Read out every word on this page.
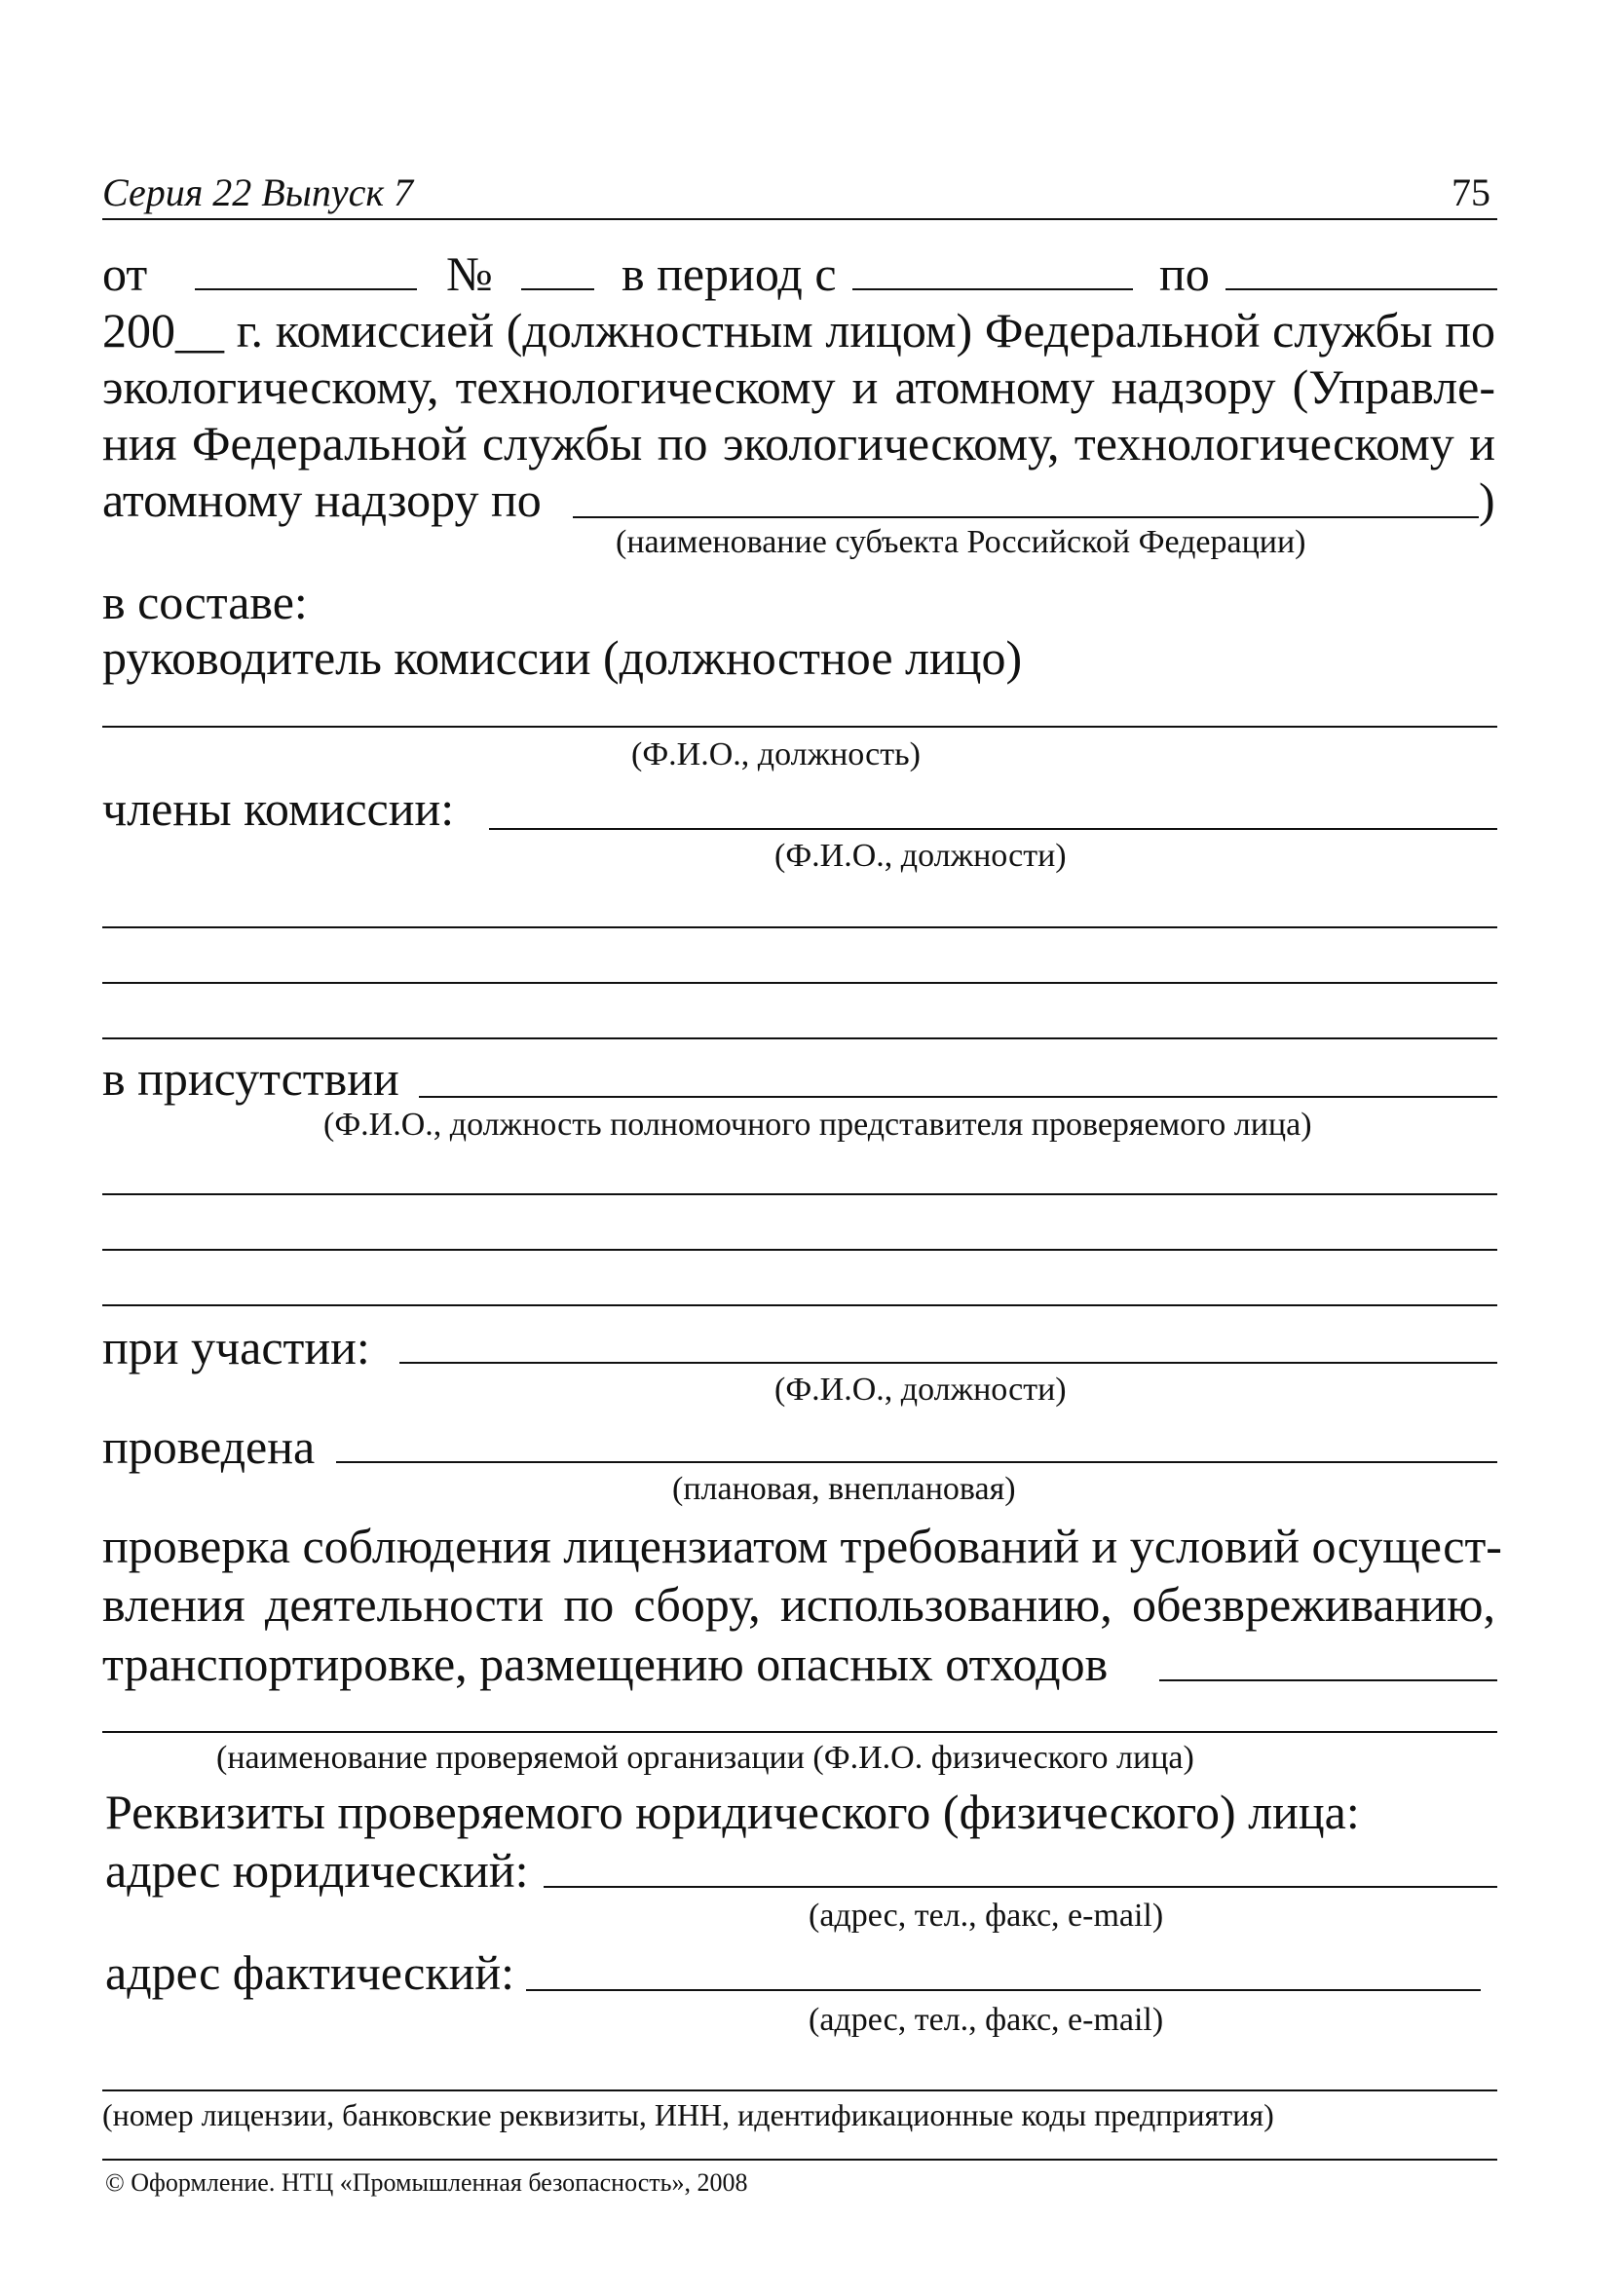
Серия 22 Выпуск 7	75
от	№	в период с	по
200__ г. комиссией (должностным лицом) Федеральной службы по
экологическому, технологическому и атомному надзору (Управле-
ния Федеральной службы по экологическому, технологическому и
атомному надзору по	)
(наименование субъекта Российской Федерации)
в составе:
руководитель комиссии (должностное лицо)
(Ф.И.О., должность)
члены комиссии:
(Ф.И.О., должности)
в присутствии
(Ф.И.О., должность полномочного представителя проверяемого лица)
при участии:
(Ф.И.О., должности)
проведена
(плановая, внеплановая)
проверка соблюдения лицензиатом требований и условий осущест-
вления деятельности по сбору, использованию, обезвреживанию,
транспортировке, размещению опасных отходов
(наименование проверяемой организации (Ф.И.О. физического лица)
Реквизиты проверяемого юридического (физического) лица:
адрес юридический:
(адрес, тел., факс, e-mail)
адрес фактический:
(адрес, тел., факс, e-mail)
(номер лицензии, банковские реквизиты, ИНН, идентификационные коды предприятия)
© Оформление. НТЦ «Промышленная безопасность», 2008
